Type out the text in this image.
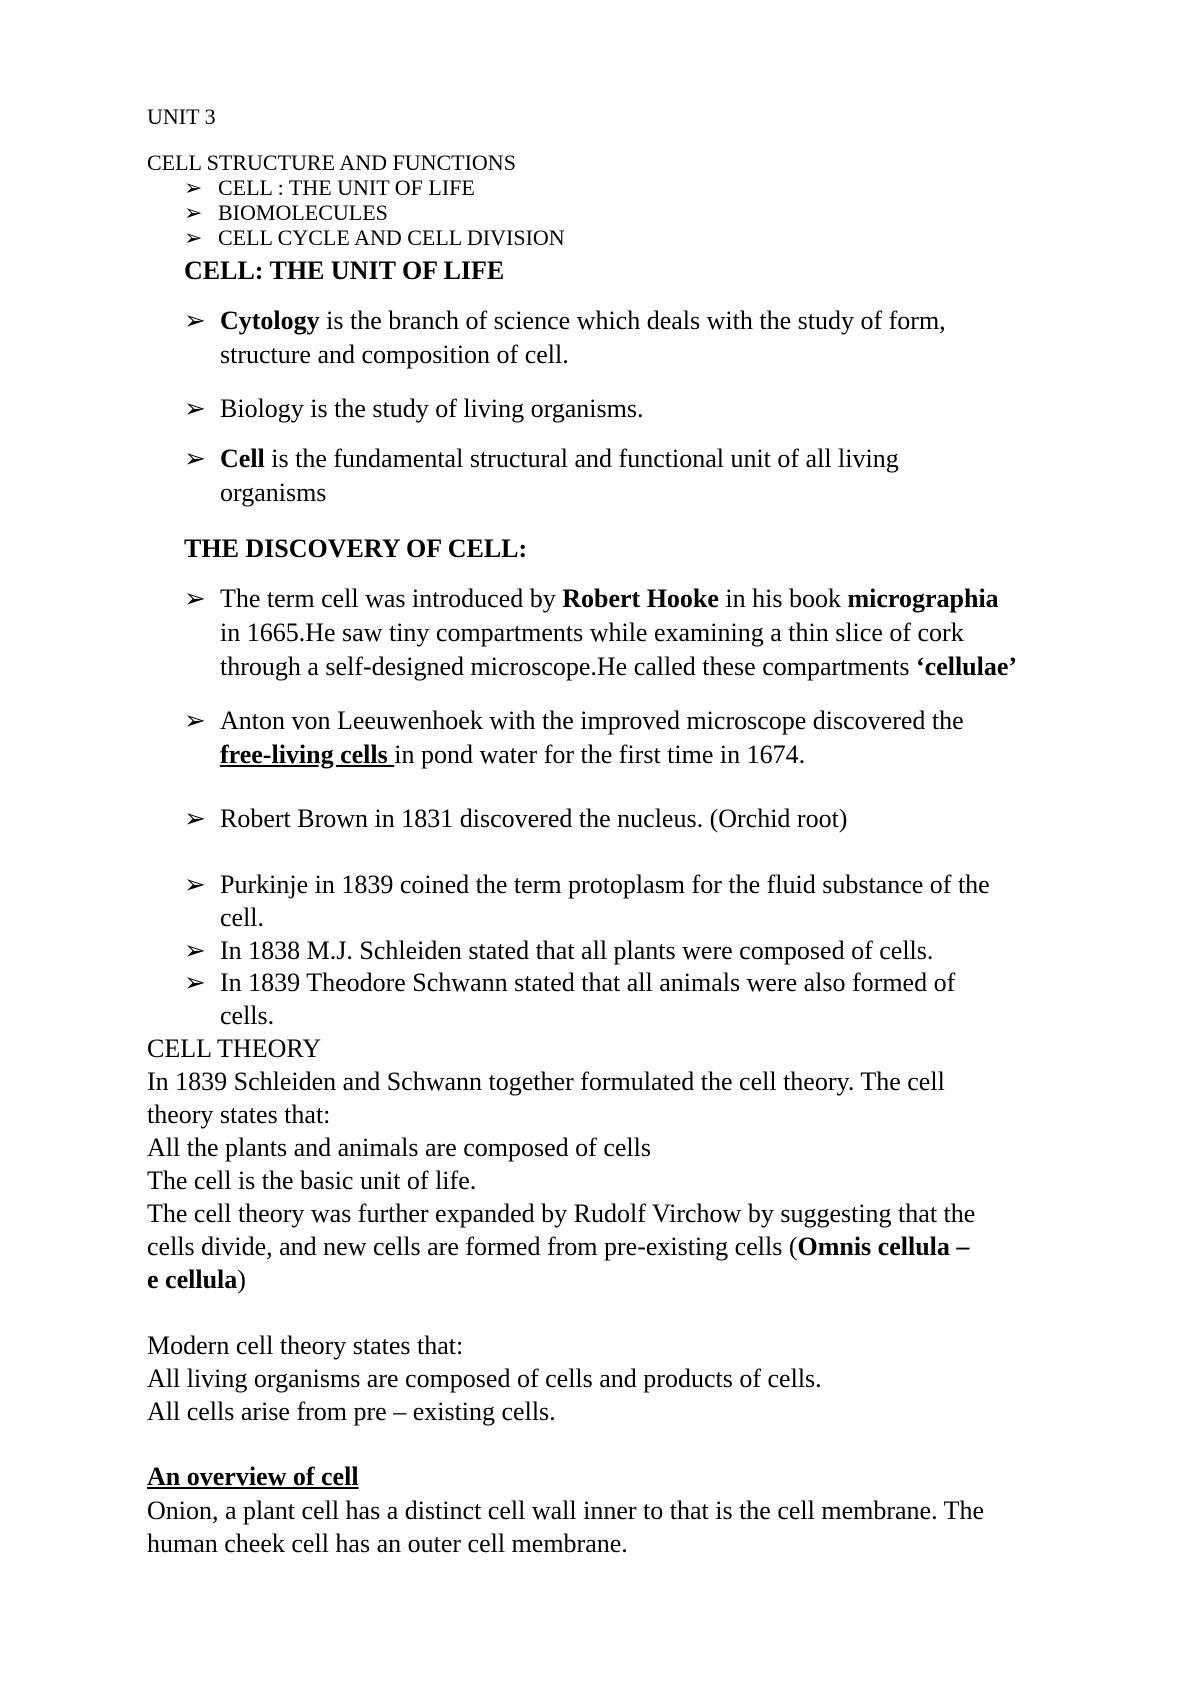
UNIT 3
CELL STRUCTURE AND FUNCTIONS
➢ CELL : THE UNIT OF LIFE
➢ BIOMOLECULES
➢ CELL CYCLE AND CELL DIVISION
CELL: THE UNIT OF LIFE
➢ Cytology is the branch of science which deals with the study of form,
structure and composition of cell.
➢ Biology is the study of living organisms.
➢ Cell is the fundamental structural and functional unit of all living
organisms
THE DISCOVERY OF CELL:
➢ The term cell was introduced by Robert Hooke in his book micrographia
in 1665.He saw tiny compartments while examining a thin slice of cork
through a self-designed microscope.He called these compartments ‘cellulae’
➢ Anton von Leeuwenhoek with the improved microscope discovered the
free-living cells in pond water for the first time in 1674.
➢ Robert Brown in 1831 discovered the nucleus. (Orchid root)
➢ Purkinje in 1839 coined the term protoplasm for the fluid substance of the
cell.
➢ In 1838 M.J. Schleiden stated that all plants were composed of cells.
➢ In 1839 Theodore Schwann stated that all animals were also formed of
cells.
CELL THEORY
In 1839 Schleiden and Schwann together formulated the cell theory. The cell
theory states that:
All the plants and animals are composed of cells
The cell is the basic unit of life.
The cell theory was further expanded by Rudolf Virchow by suggesting that the
cells divide, and new cells are formed from pre-existing cells (Omnis cellula –
e cellula)
Modern cell theory states that:
All living organisms are composed of cells and products of cells.
All cells arise from pre – existing cells.
An overview of cell
Onion, a plant cell has a distinct cell wall inner to that is the cell membrane. The
human cheek cell has an outer cell membrane.
